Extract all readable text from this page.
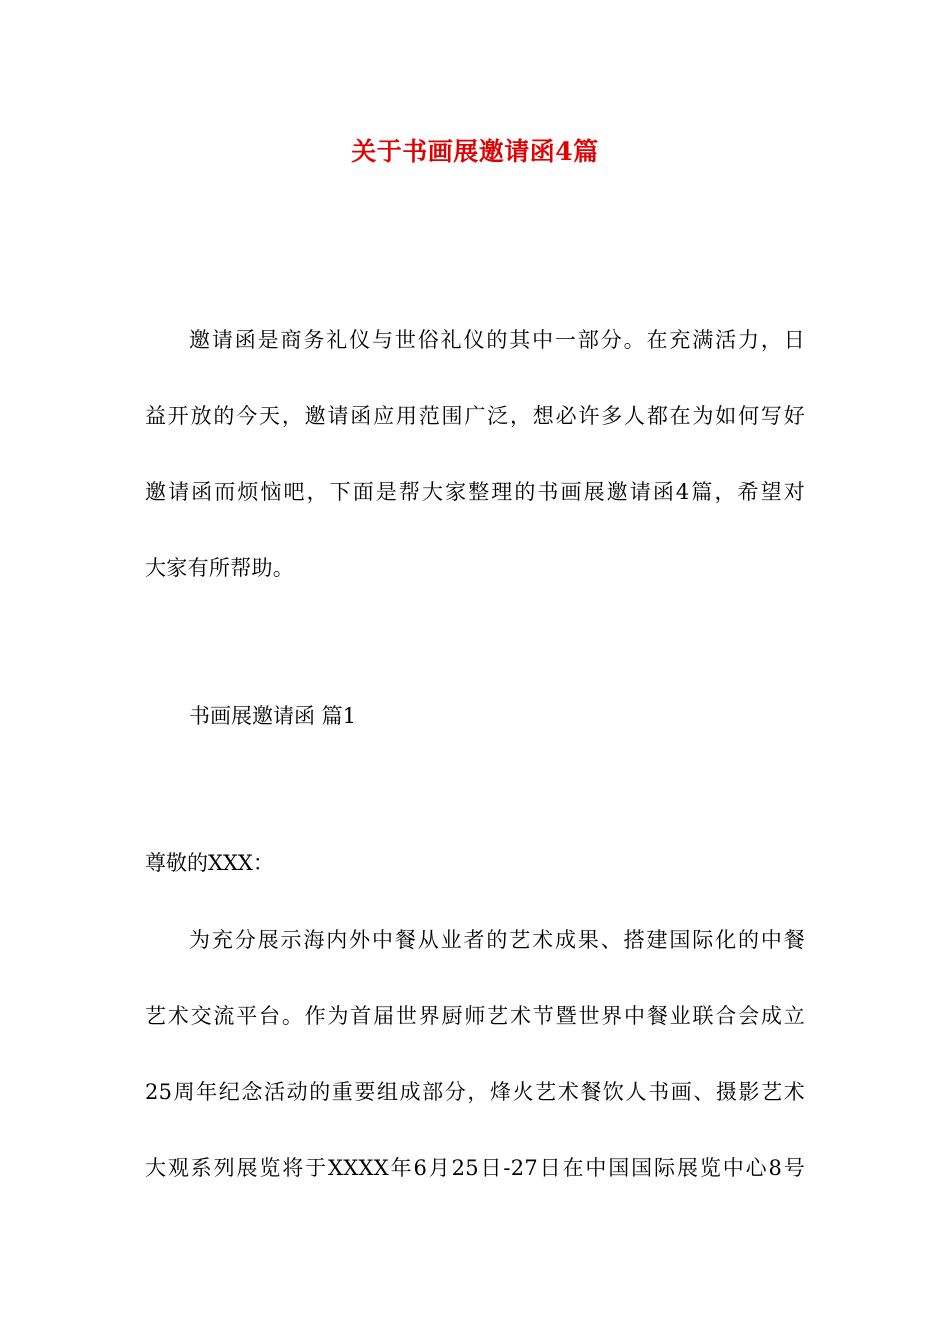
关于书画展邀请函4篇

邀请函是商务礼仪与世俗礼仪的其中一部分。在充满活力，日

益开放的今天，邀请函应用范围广泛，想必许多人都在为如何写好

邀请函而烦恼吧，下面是帮大家整理的书画展邀请函4篇，希望对

大家有所帮助。

书画展邀请函 篇1

尊敬的XXX：

为充分展示海内外中餐从业者的艺术成果、搭建国际化的中餐

艺术交流平台。作为首届世界厨师艺术节暨世界中餐业联合会成立

25周年纪念活动的重要组成部分，烽火艺术餐饮人书画、摄影艺术

大观系列展览将于XXXX年6月25日-27日在中国国际展览中心8号
